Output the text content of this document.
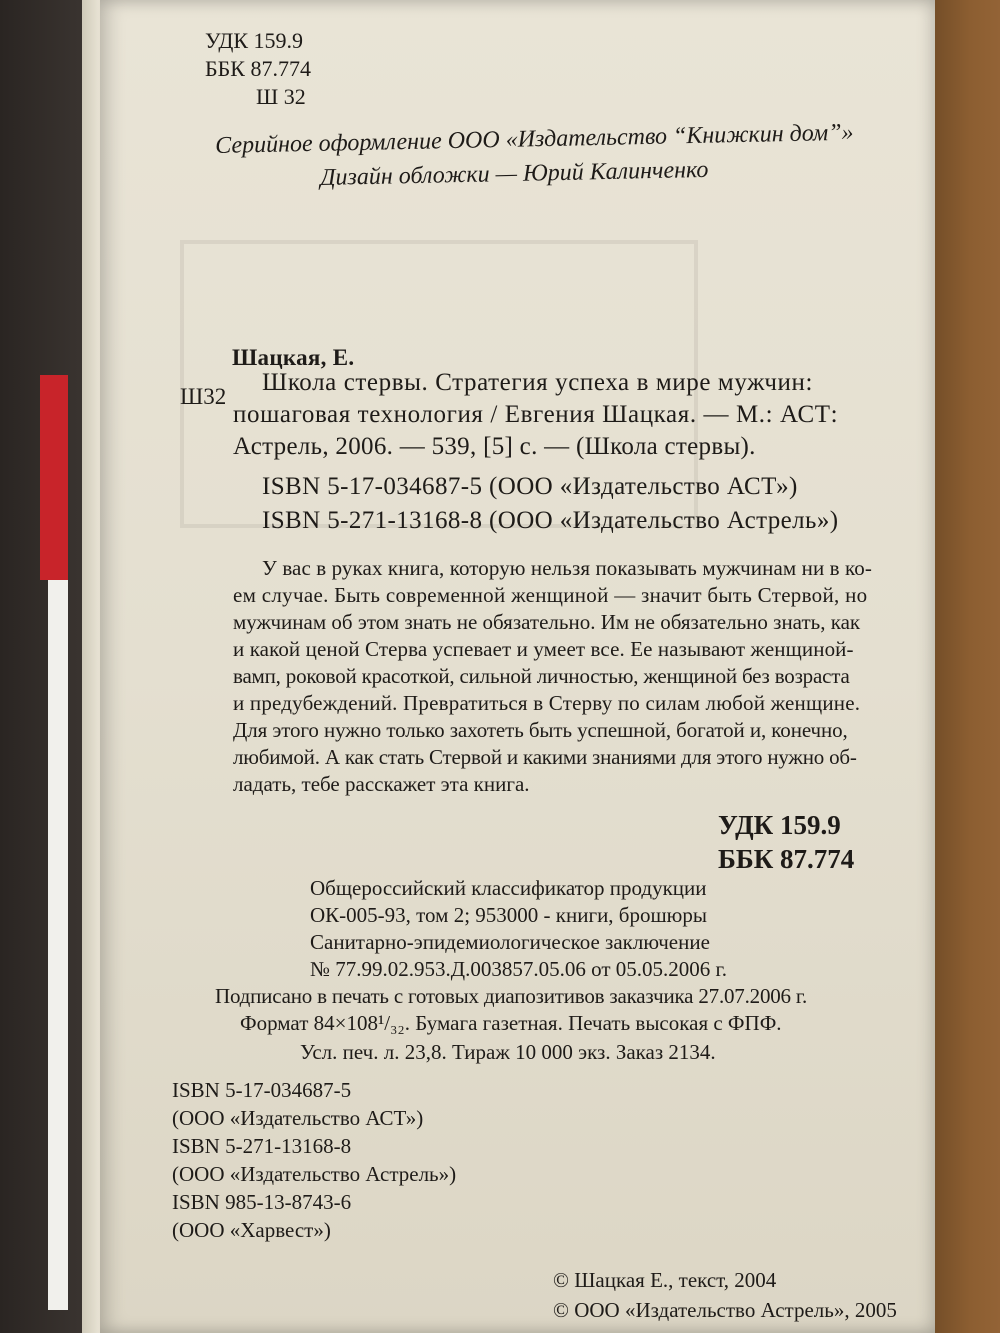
УДК 159.9
ББК 87.774
Ш 32
Серийное оформление ООО «Издательство “Книжкин дом”»
Дизайн обложки — Юрий Калинченко
Шацкая, Е.
Ш32
Школа стервы. Стратегия успеха в мире мужчин:
пошаговая технология / Евгения Шацкая. — М.: АСТ:
Астрель, 2006. — 539, [5] с. — (Школа стервы).
ISBN 5-17-034687-5 (ООО «Издательство АСТ»)
ISBN 5-271-13168-8 (ООО «Издательство Астрель»)
У вас в руках книга, которую нельзя показывать мужчинам ни в ко-
ем случае. Быть современной женщиной — значит быть Стервой, но
мужчинам об этом знать не обязательно. Им не обязательно знать, как
и какой ценой Стерва успевает и умеет все. Ее называют женщиной-
вамп, роковой красоткой, сильной личностью, женщиной без возраста
и предубеждений. Превратиться в Стерву по силам любой женщине.
Для этого нужно только захотеть быть успешной, богатой и, конечно,
любимой. А как стать Стервой и какими знаниями для этого нужно об-
ладать, тебе расскажет эта книга.
УДК 159.9
ББК 87.774
Общероссийский классификатор продукции
ОК-005-93, том 2; 953000 - книги, брошюры
Санитарно-эпидемиологическое заключение
№ 77.99.02.953.Д.003857.05.06 от 05.05.2006 г.
Подписано в печать с готовых диапозитивов заказчика 27.07.2006 г.
Формат 84×108¹/₃₂. Бумага газетная. Печать высокая с ФПФ.
Усл. печ. л. 23,8. Тираж 10 000 экз. Заказ 2134.
ISBN 5-17-034687-5
(ООО «Издательство АСТ»)
ISBN 5-271-13168-8
(ООО «Издательство Астрель»)
ISBN 985-13-8743-6
(ООО «Харвест»)
© Шацкая Е., текст, 2004
© ООО «Издательство Астрель», 2005
